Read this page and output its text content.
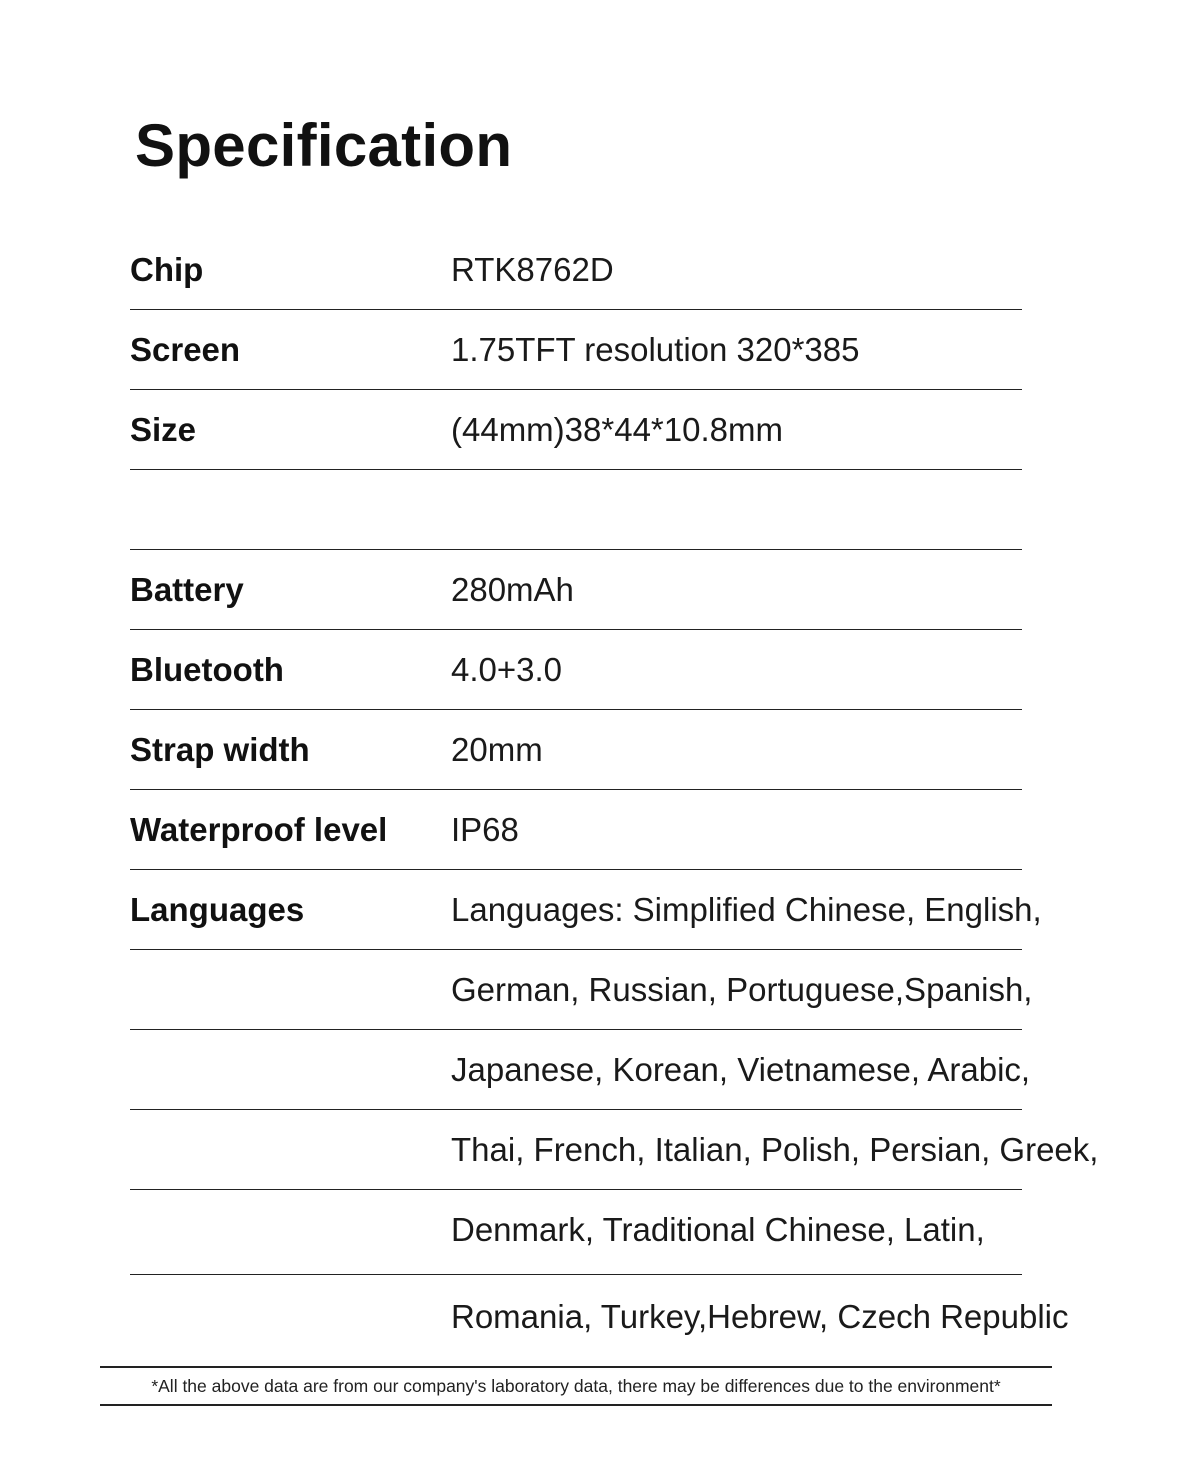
Specification
Chip	RTK8762D
Screen	1.75TFT resolution 320*385
Size	(44mm)38*44*10.8mm
Battery	280mAh
Bluetooth	4.0+3.0
Strap width	20mm
Waterproof level IP68
Languages	Languages: Simplified Chinese, English,
German, Russian, Portuguese,Spanish,
Japanese, Korean, Vietnamese, Arabic,
Thai, French, Italian, Polish, Persian, Greek,
Denmark, Traditional Chinese, Latin,
Romania, Turkey,Hebrew, Czech Republic
*All the above data are from our company's laboratory data, there may be differences due to the environment*
